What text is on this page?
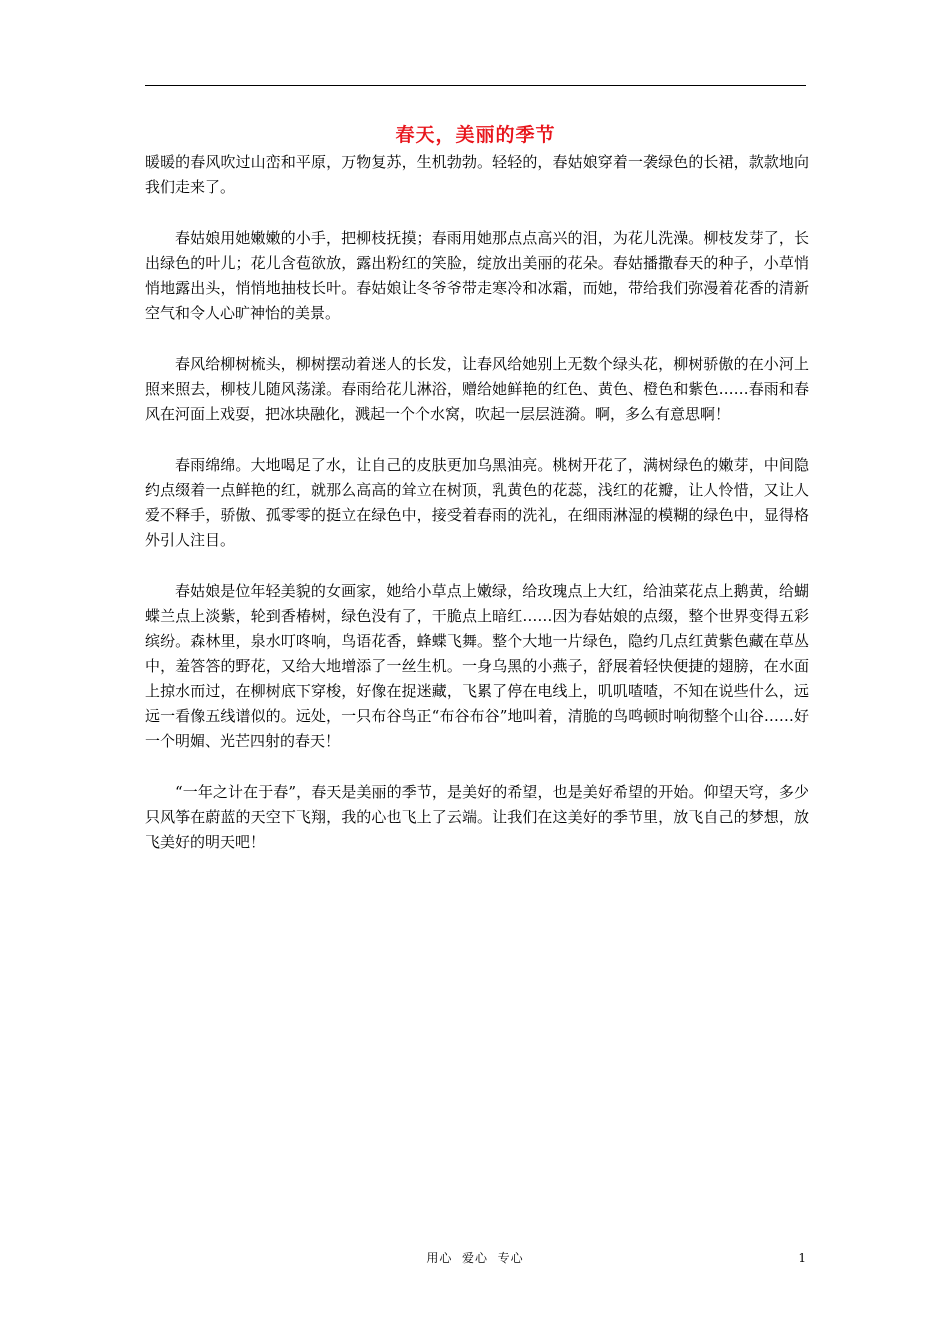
春天，美丽的季节

暖暖的春风吹过山峦和平原，万物复苏，生机勃勃。轻轻的，春姑娘穿着一袭绿色的长裙，款款地向我们走来了。

春姑娘用她嫩嫩的小手，把柳枝抚摸；春雨用她那点点高兴的泪，为花儿洗澡。柳枝发芽了，长出绿色的叶儿；花儿含苞欲放，露出粉红的笑脸，绽放出美丽的花朵。春姑播撒春天的种子，小草悄悄地露出头，悄悄地抽枝长叶。春姑娘让冬爷爷带走寒冷和冰霜，而她，带给我们弥漫着花香的清新空气和令人心旷神怡的美景。

春风给柳树梳头，柳树摆动着迷人的长发，让春风给她别上无数个绿头花，柳树骄傲的在小河上照来照去，柳枝儿随风荡漾。春雨给花儿淋浴，赠给她鲜艳的红色、黄色、橙色和紫色……春雨和春风在河面上戏耍，把冰块融化，溅起一个个水窝，吹起一层层涟漪。啊，多么有意思啊！

春雨绵绵。大地喝足了水，让自己的皮肤更加乌黑油亮。桃树开花了，满树绿色的嫩芽，中间隐约点缀着一点鲜艳的红，就那么高高的耸立在树顶，乳黄色的花蕊，浅红的花瓣，让人怜惜，又让人爱不释手，骄傲、孤零零的挺立在绿色中，接受着春雨的洗礼，在细雨淋湿的模糊的绿色中，显得格外引人注目。

春姑娘是位年轻美貌的女画家，她给小草点上嫩绿，给玫瑰点上大红，给油菜花点上鹅黄，给蝴蝶兰点上淡紫，轮到香椿树，绿色没有了，干脆点上暗红……因为春姑娘的点缀，整个世界变得五彩缤纷。森林里，泉水叮咚响，鸟语花香，蜂蝶飞舞。整个大地一片绿色，隐约几点红黄紫色藏在草丛中，羞答答的野花，又给大地增添了一丝生机。一身乌黑的小燕子，舒展着轻快便捷的翅膀，在水面上掠水而过，在柳树底下穿梭，好像在捉迷藏，飞累了停在电线上，叽叽喳喳，不知在说些什么，远远一看像五线谱似的。远处，一只布谷鸟正“布谷布谷”地叫着，清脆的鸟鸣顿时响彻整个山谷……好一个明媚、光芒四射的春天！

“一年之计在于春”，春天是美丽的季节，是美好的希望，也是美好希望的开始。仰望天穹，多少只风筝在蔚蓝的天空下飞翔，我的心也飞上了云端。让我们在这美好的季节里，放飞自己的梦想，放飞美好的明天吧！

用心  爱心  专心	1
